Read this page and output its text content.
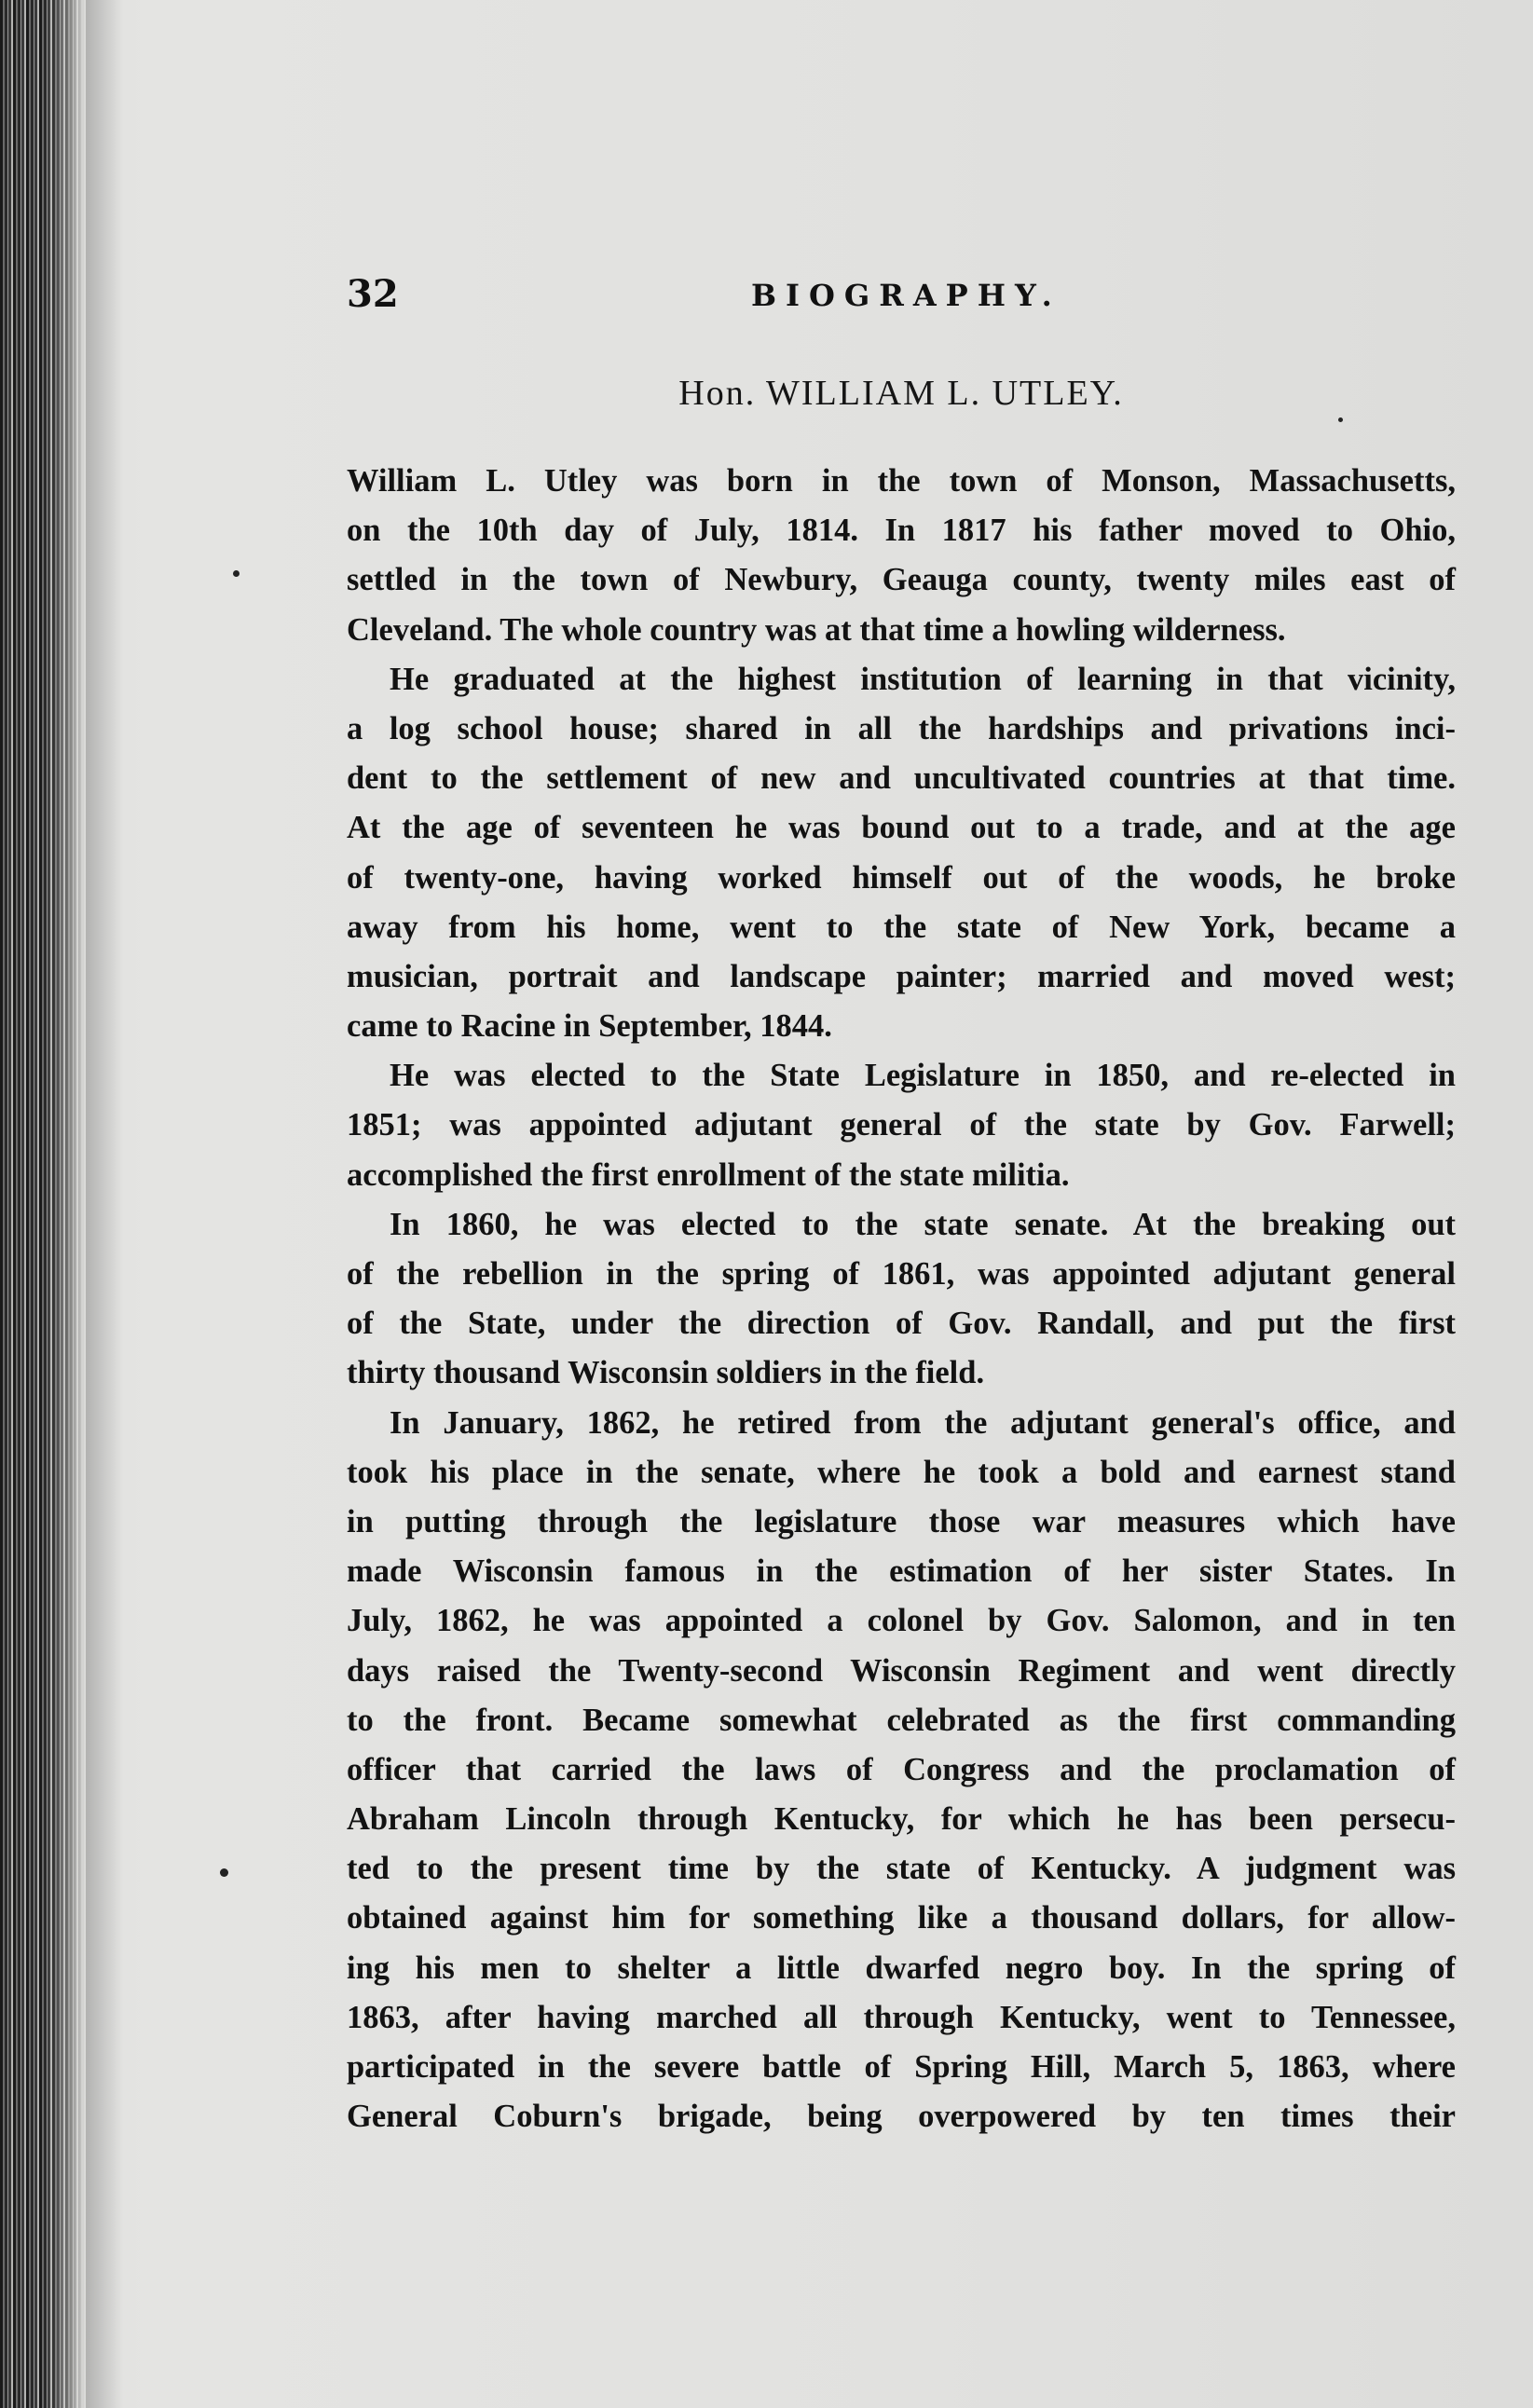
32	BIOGRAPHY.
Hon. WILLIAM L. UTLEY.
William L. Utley was born in the town of Monson, Massachusetts,
on the 10th day of July, 1814. In 1817 his father moved to Ohio,
settled in the town of Newbury, Geauga county, twenty miles east of
Cleveland. The whole country was at that time a howling wilderness.
He graduated at the highest institution of learning in that vicinity,
a log school house; shared in all the hardships and privations inci-
dent to the settlement of new and uncultivated countries at that time.
At the age of seventeen he was bound out to a trade, and at the age
of twenty-one, having worked himself out of the woods, he broke
away from his home, went to the state of New York, became a
musician, portrait and landscape painter; married and moved west;
came to Racine in September, 1844.
He was elected to the State Legislature in 1850, and re-elected in
1851; was appointed adjutant general of the state by Gov. Farwell;
accomplished the first enrollment of the state militia.
In 1860, he was elected to the state senate. At the breaking out
of the rebellion in the spring of 1861, was appointed adjutant general
of the State, under the direction of Gov. Randall, and put the first
thirty thousand Wisconsin soldiers in the field.
In January, 1862, he retired from the adjutant general's office, and
took his place in the senate, where he took a bold and earnest stand
in putting through the legislature those war measures which have
made Wisconsin famous in the estimation of her sister States. In
July, 1862, he was appointed a colonel by Gov. Salomon, and in ten
days raised the Twenty-second Wisconsin Regiment and went directly
to the front. Became somewhat celebrated as the first commanding
officer that carried the laws of Congress and the proclamation of
Abraham Lincoln through Kentucky, for which he has been persecu-
ted to the present time by the state of Kentucky. A judgment was
obtained against him for something like a thousand dollars, for allow-
ing his men to shelter a little dwarfed negro boy. In the spring of
1863, after having marched all through Kentucky, went to Tennessee,
participated in the severe battle of Spring Hill, March 5, 1863, where
General Coburn's brigade, being overpowered by ten times their
